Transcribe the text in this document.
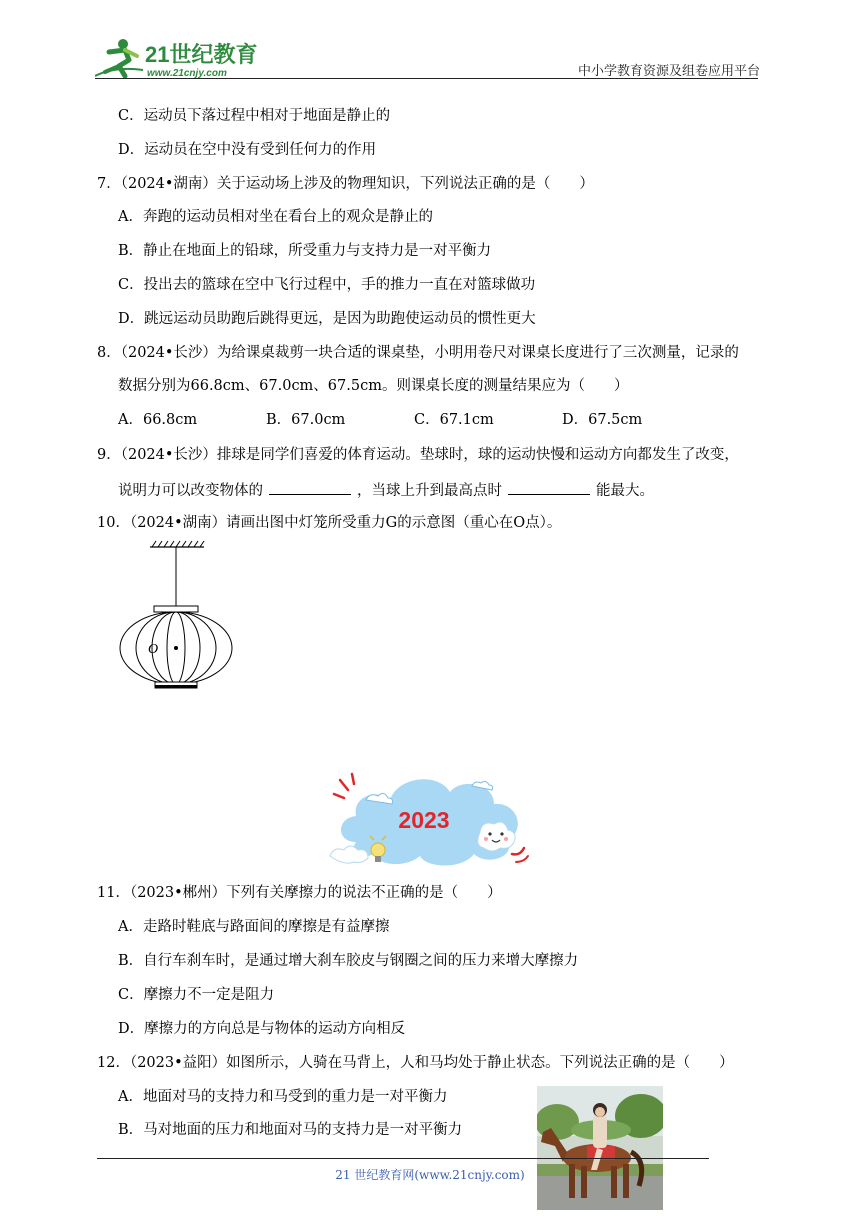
21世纪教育
www.21cnjy.com	中小学教育资源及组卷应用平台
C．运动员下落过程中相对于地面是静止的
D．运动员在空中没有受到任何力的作用
7．（2024•湖南）关于运动场上涉及的物理知识，下列说法正确的是（　　）
A．奔跑的运动员相对坐在看台上的观众是静止的
B．静止在地面上的铅球，所受重力与支持力是一对平衡力
C．投出去的篮球在空中飞行过程中，手的推力一直在对篮球做功
D．跳远运动员助跑后跳得更远，是因为助跑使运动员的惯性更大
8．（2024•长沙）为给课桌裁剪一块合适的课桌垫，小明用卷尺对课桌长度进行了三次测量，记录的
数据分别为66.8cm、67.0cm、67.5cm。则课桌长度的测量结果应为（　　）
A．66.8cm	B．67.0cm	C．67.1cm	D．67.5cm
9．（2024•长沙）排球是同学们喜爱的体育运动。垫球时，球的运动快慢和运动方向都发生了改变，
说明力可以改变物体的	，当球上升到最高点时	能最大。
10．（2024•湖南）请画出图中灯笼所受重力G的示意图（重心在O点）。
O
2023
11．（2023•郴州）下列有关摩擦力的说法不正确的是（　　）
A．走路时鞋底与路面间的摩擦是有益摩擦
B．自行车刹车时，是通过增大刹车胶皮与钢圈之间的压力来增大摩擦力
C．摩擦力不一定是阻力
D．摩擦力的方向总是与物体的运动方向相反
12．（2023•益阳）如图所示，人骑在马背上，人和马均处于静止状态。下列说法正确的是（　　）
A．地面对马的支持力和马受到的重力是一对平衡力
B．马对地面的压力和地面对马的支持力是一对平衡力
21 世纪教育网(www.21cnjy.com)
